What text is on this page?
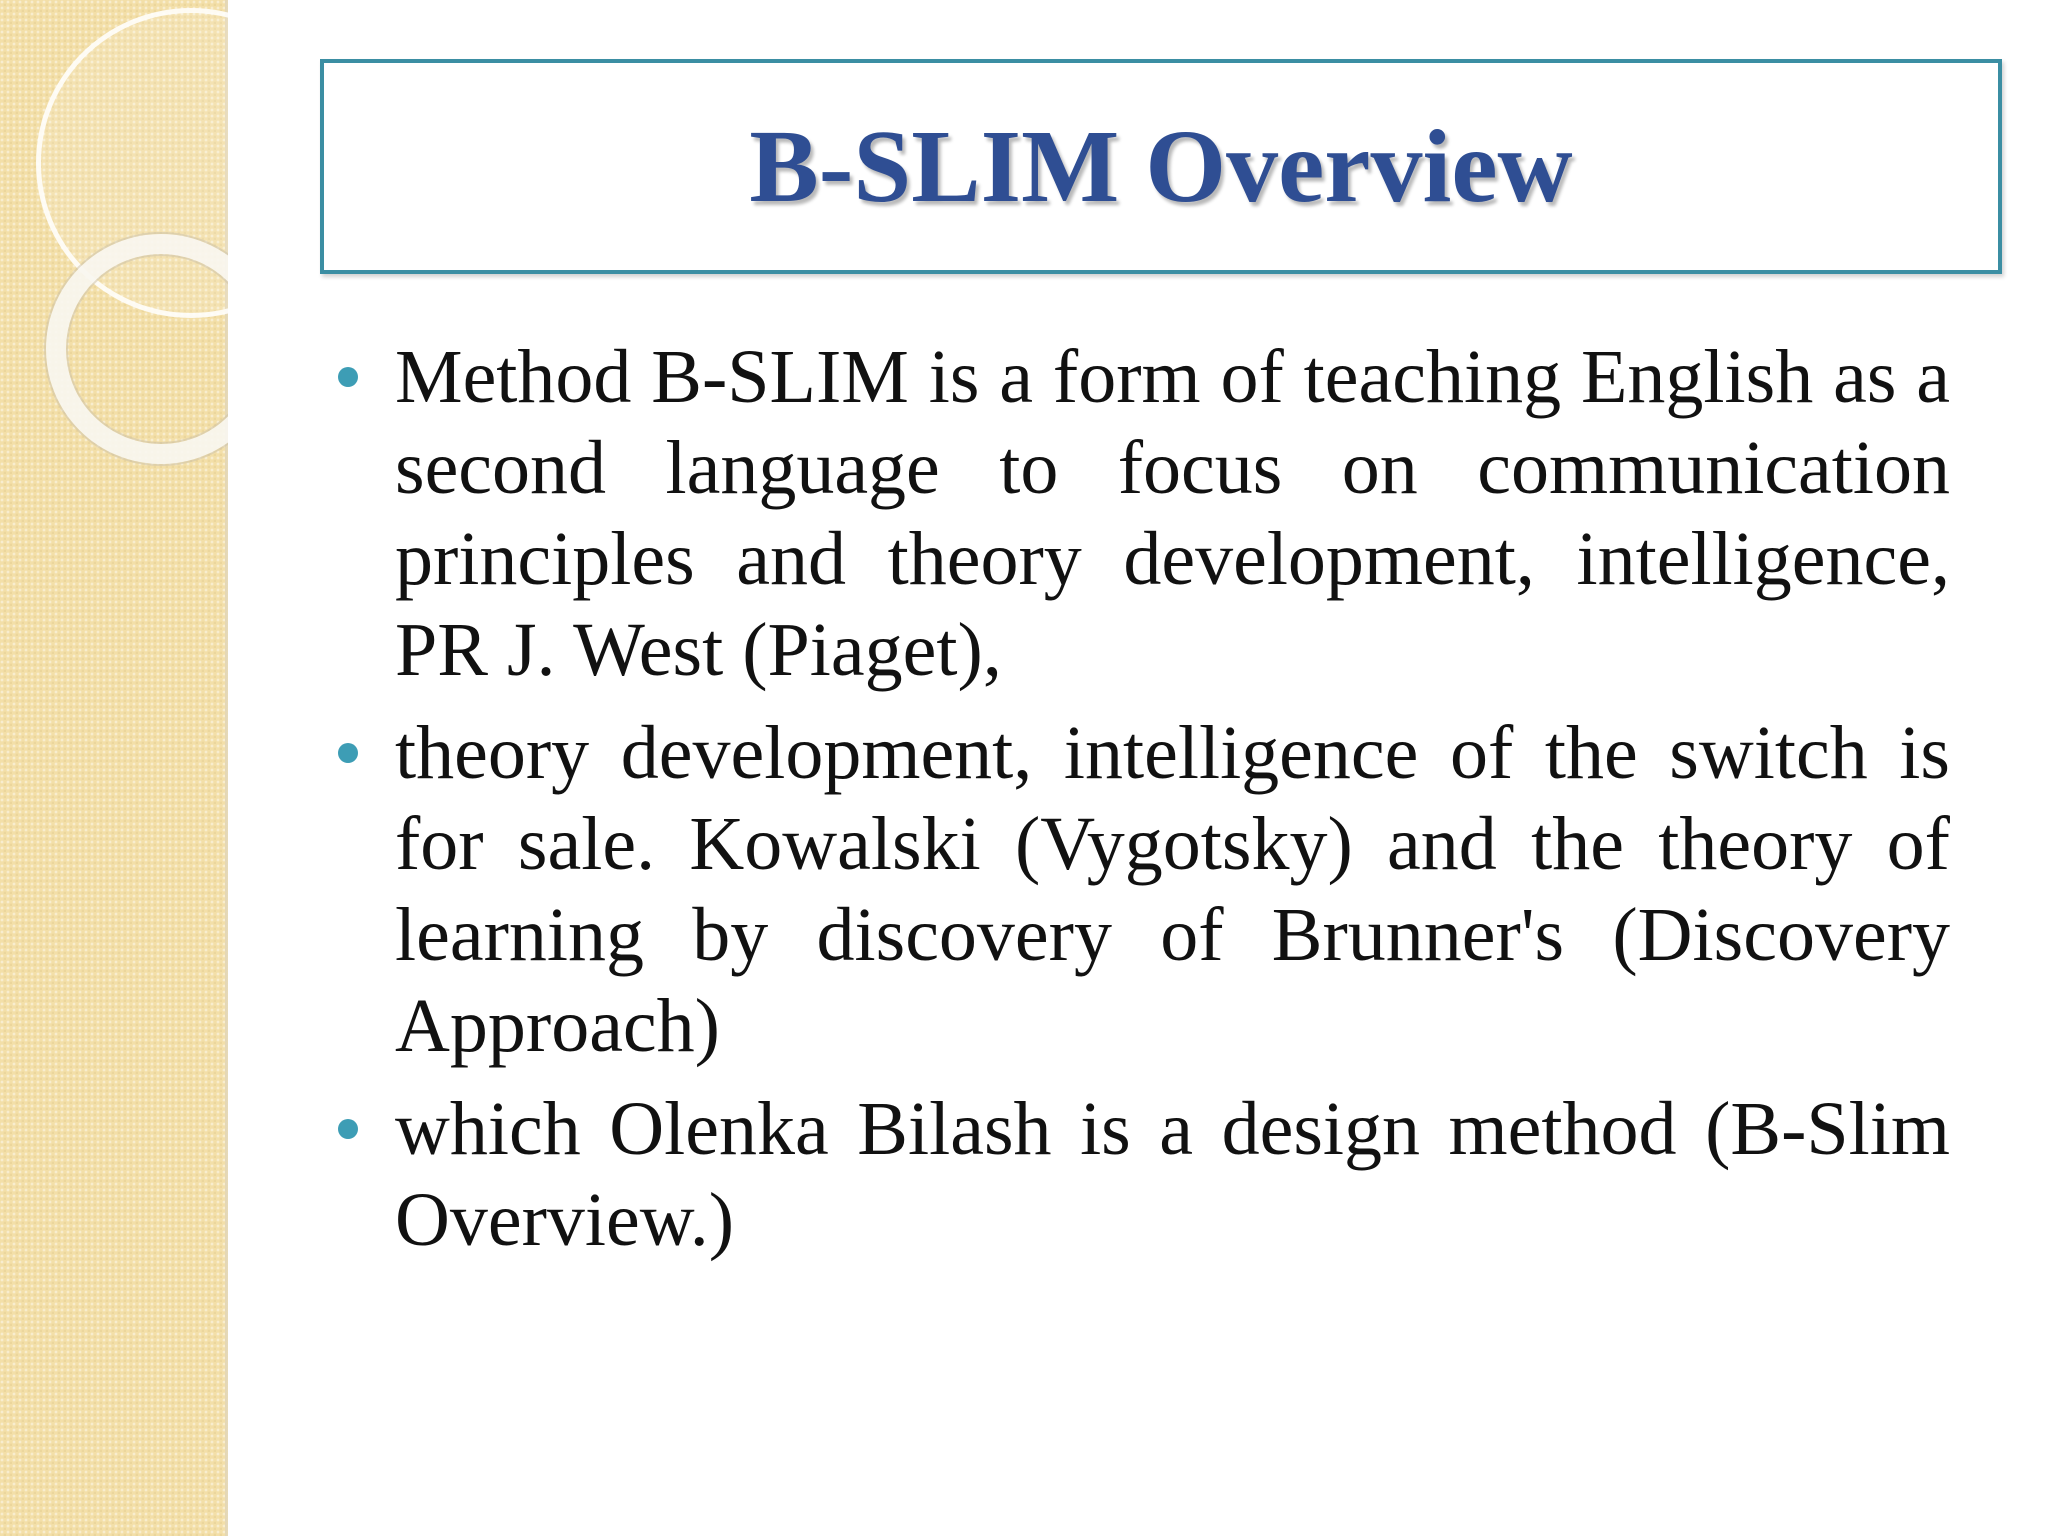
B-SLIM Overview

Method B-SLIM is a form of teaching English as a second language to focus on communication principles and theory development, intelligence, PR J. West (Piaget),

theory development, intelligence of the switch is for sale. Kowalski (Vygotsky) and the theory of learning by discovery of Brunner's (Discovery Approach)

which Olenka Bilash is a design method (B-Slim Overview.)
